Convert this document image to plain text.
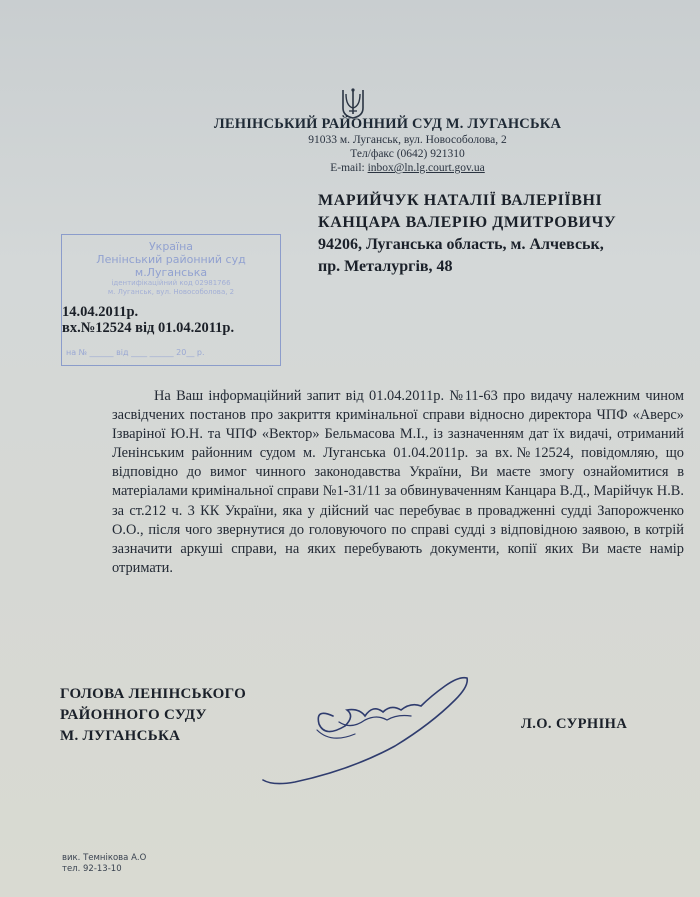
ЛЕНІНСЬКИЙ РАЙОННИЙ СУД М. ЛУГАНСЬКА
91033 м. Луганськ, вул. Новособолова, 2
Тел/факс (0642) 921310
E-mail: inbox@ln.lg.court.gov.ua
МАРИЙЧУК НАТАЛІЇ ВАЛЕРІЇВНІ
КАНЦАРА ВАЛЕРІЮ ДМИТРОВИЧУ
94206, Луганська область, м. Алчевськ,
пр. Металургів, 48
Україна
Ленінський районний суд
м.Луганська
ідентифікаційний код 02981766
м. Луганськ, вул. Новособолова, 2
на № ______ від ____ ______ 20__ р.
14.04.2011р.
вх.№12524 від 01.04.2011р.

На Ваш інформаційний запит від 01.04.2011р. №11-63 про видачу належним чином засвідчених постанов про закриття кримінальної справи відносно директора ЧПФ «Аверс» Ізваріної Ю.Н. та ЧПФ «Вектор» Бельмасова М.І., із зазначенням дат їх видачі, отриманий Ленінським районним судом м. Луганська 01.04.2011р. за вх.№12524, повідомляю, що відповідно до вимог чинного законодавства України, Ви маєте змогу ознайомитися в матеріалами кримінальної справи №1-31/11 за обвинуваченням Канцара В.Д., Марійчук Н.В. за ст.212 ч. 3 КК України, яка у дійсний час перебуває в провадженні судді Запорожченко О.О., після чого звернутися до головуючого по справі судді з відповідною заявою, в котрій зазначити аркуші справи, на яких перебувають документи, копії яких Ви маєте намір отримати.

ГОЛОВА ЛЕНІНСЬКОГО
РАЙОННОГО СУДУ
М. ЛУГАНСЬКА
Л.О. СУРНІНА
вик. Темнікова А.О
тел. 92-13-10
